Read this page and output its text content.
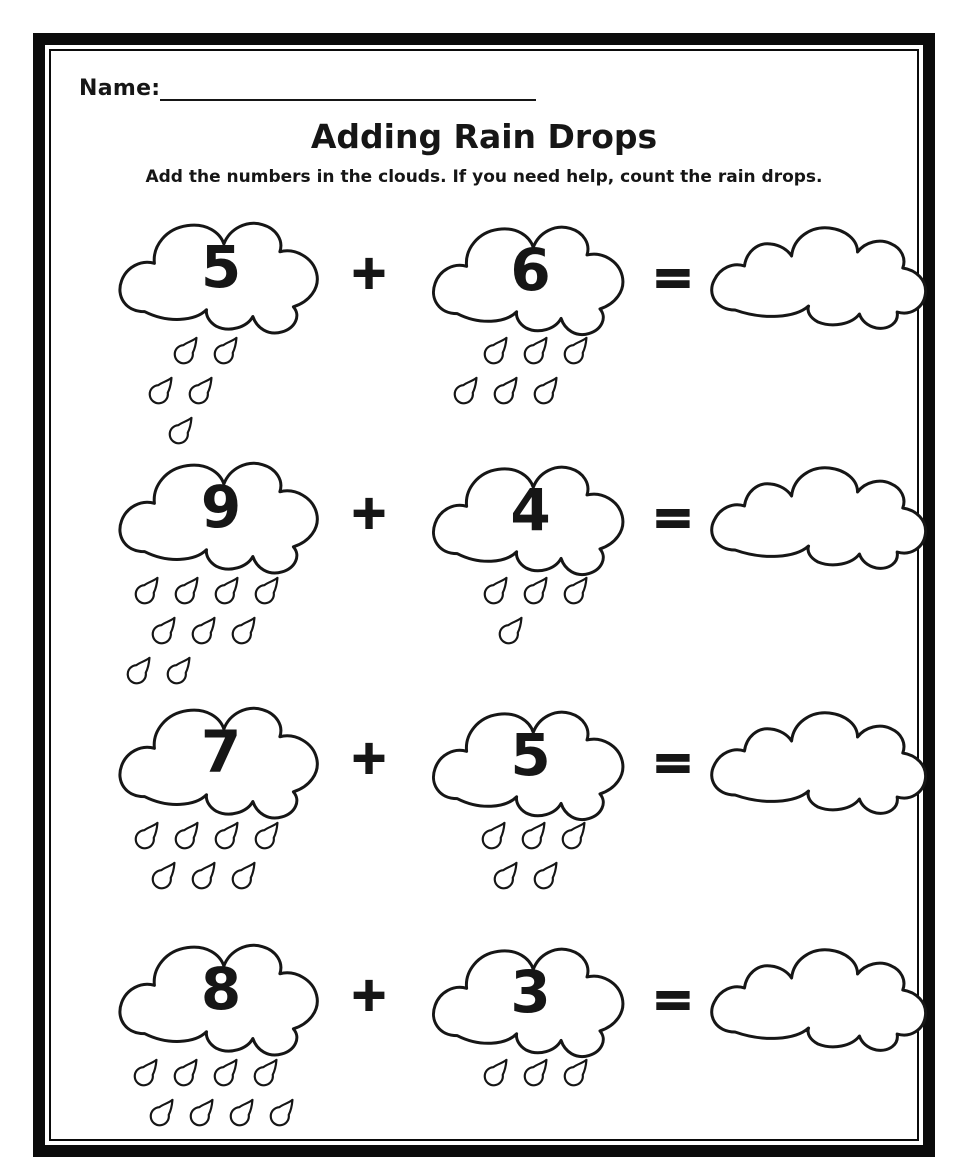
Name:
Adding Rain Drops
Add the numbers in the clouds. If you need help, count the rain drops.
5	+	6	=
9	+	4	=
7	+	5	=
8	+	3	=
